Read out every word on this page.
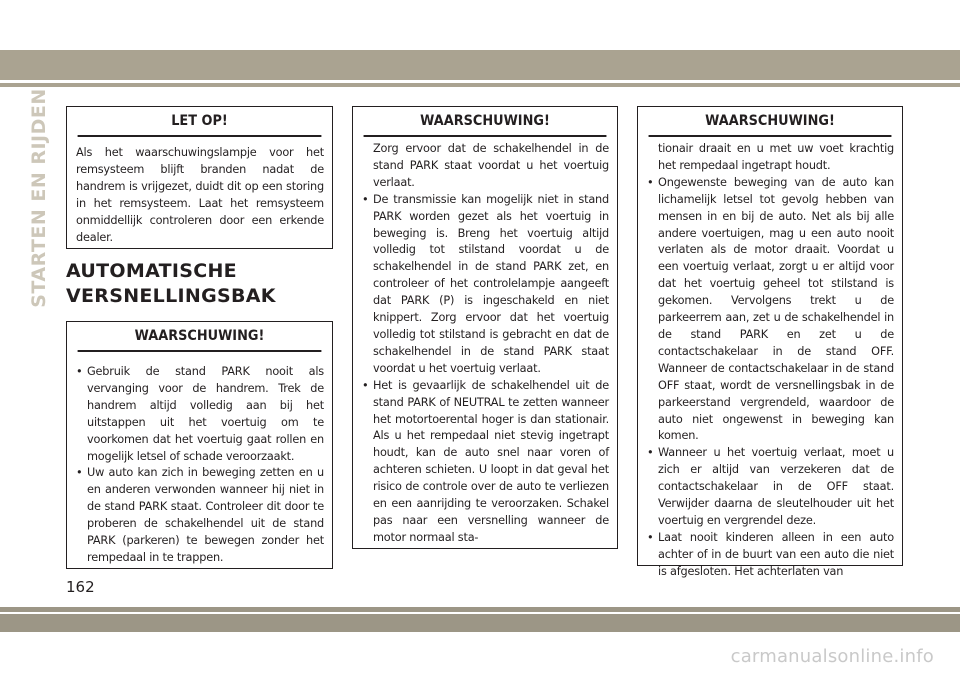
STARTEN EN RIJDEN	LET OP!

Als het waarschuwingslampje voor het remsysteem blijft branden nadat de handrem is vrijgezet, duidt dit op een storing in het remsysteem. Laat het remsysteem onmiddellijk controleren door een erkende dealer.

AUTOMATISCHE
VERSNELLINGSBAK
WAARSCHUWING!
• Gebruik de stand PARK nooit als vervanging voor de handrem. Trek de handrem altijd volledig aan bij het uitstappen uit het voertuig om te voorkomen dat het voertuig gaat rollen en mogelijk letsel of schade veroorzaakt.
• Uw auto kan zich in beweging zetten en u en anderen verwonden wanneer hij niet in de stand PARK staat. Controleer dit door te proberen de schakelhendel uit de stand PARK (parkeren) te bewegen zonder het rempedaal in te trappen.
WAARSCHUWING!

Zorg ervoor dat de schakelhendel in de stand PARK staat voordat u het voertuig verlaat.

• De transmissie kan mogelijk niet in stand PARK worden gezet als het voertuig in beweging is. Breng het voertuig altijd volledig tot stilstand voordat u de schakelhendel in de stand PARK zet, en controleer of het controlelampje aangeeft dat PARK (P) is ingeschakeld en niet knippert. Zorg ervoor dat het voertuig volledig tot stilstand is gebracht en dat de schakelhendel in de stand PARK staat voordat u het voertuig verlaat.
• Het is gevaarlijk de schakelhendel uit de stand PARK of NEUTRAL te zetten wanneer het motortoerental hoger is dan stationair. Als u het rempedaal niet stevig ingetrapt houdt, kan de auto snel naar voren of achteren schieten. U loopt in dat geval het risico de controle over de auto te verliezen en een aanrijding te veroorzaken. Schakel pas naar een versnelling wanneer de motor normaal sta-
WAARSCHUWING!

tionair draait en u met uw voet krachtig het rempedaal ingetrapt houdt.

• Ongewenste beweging van de auto kan lichamelijk letsel tot gevolg hebben van mensen in en bij de auto. Net als bij alle andere voertuigen, mag u een auto nooit verlaten als de motor draait. Voordat u een voertuig verlaat, zorgt u er altijd voor dat het voertuig geheel tot stilstand is gekomen. Vervolgens trekt u de parkeerrem aan, zet u de schakelhendel in de stand PARK en zet u de contactschakelaar in de stand OFF. Wanneer de contactschakelaar in de stand OFF staat, wordt de versnellingsbak in de parkeerstand vergrendeld, waardoor de auto niet ongewenst in beweging kan komen.
• Wanneer u het voertuig verlaat, moet u zich er altijd van verzekeren dat de contactschakelaar in de OFF staat. Verwijder daarna de sleutelhouder uit het voertuig en vergrendel deze.
• Laat nooit kinderen alleen in een auto achter of in de buurt van een auto die niet is afgesloten. Het achterlaten van
162
carmanualsonline.info
